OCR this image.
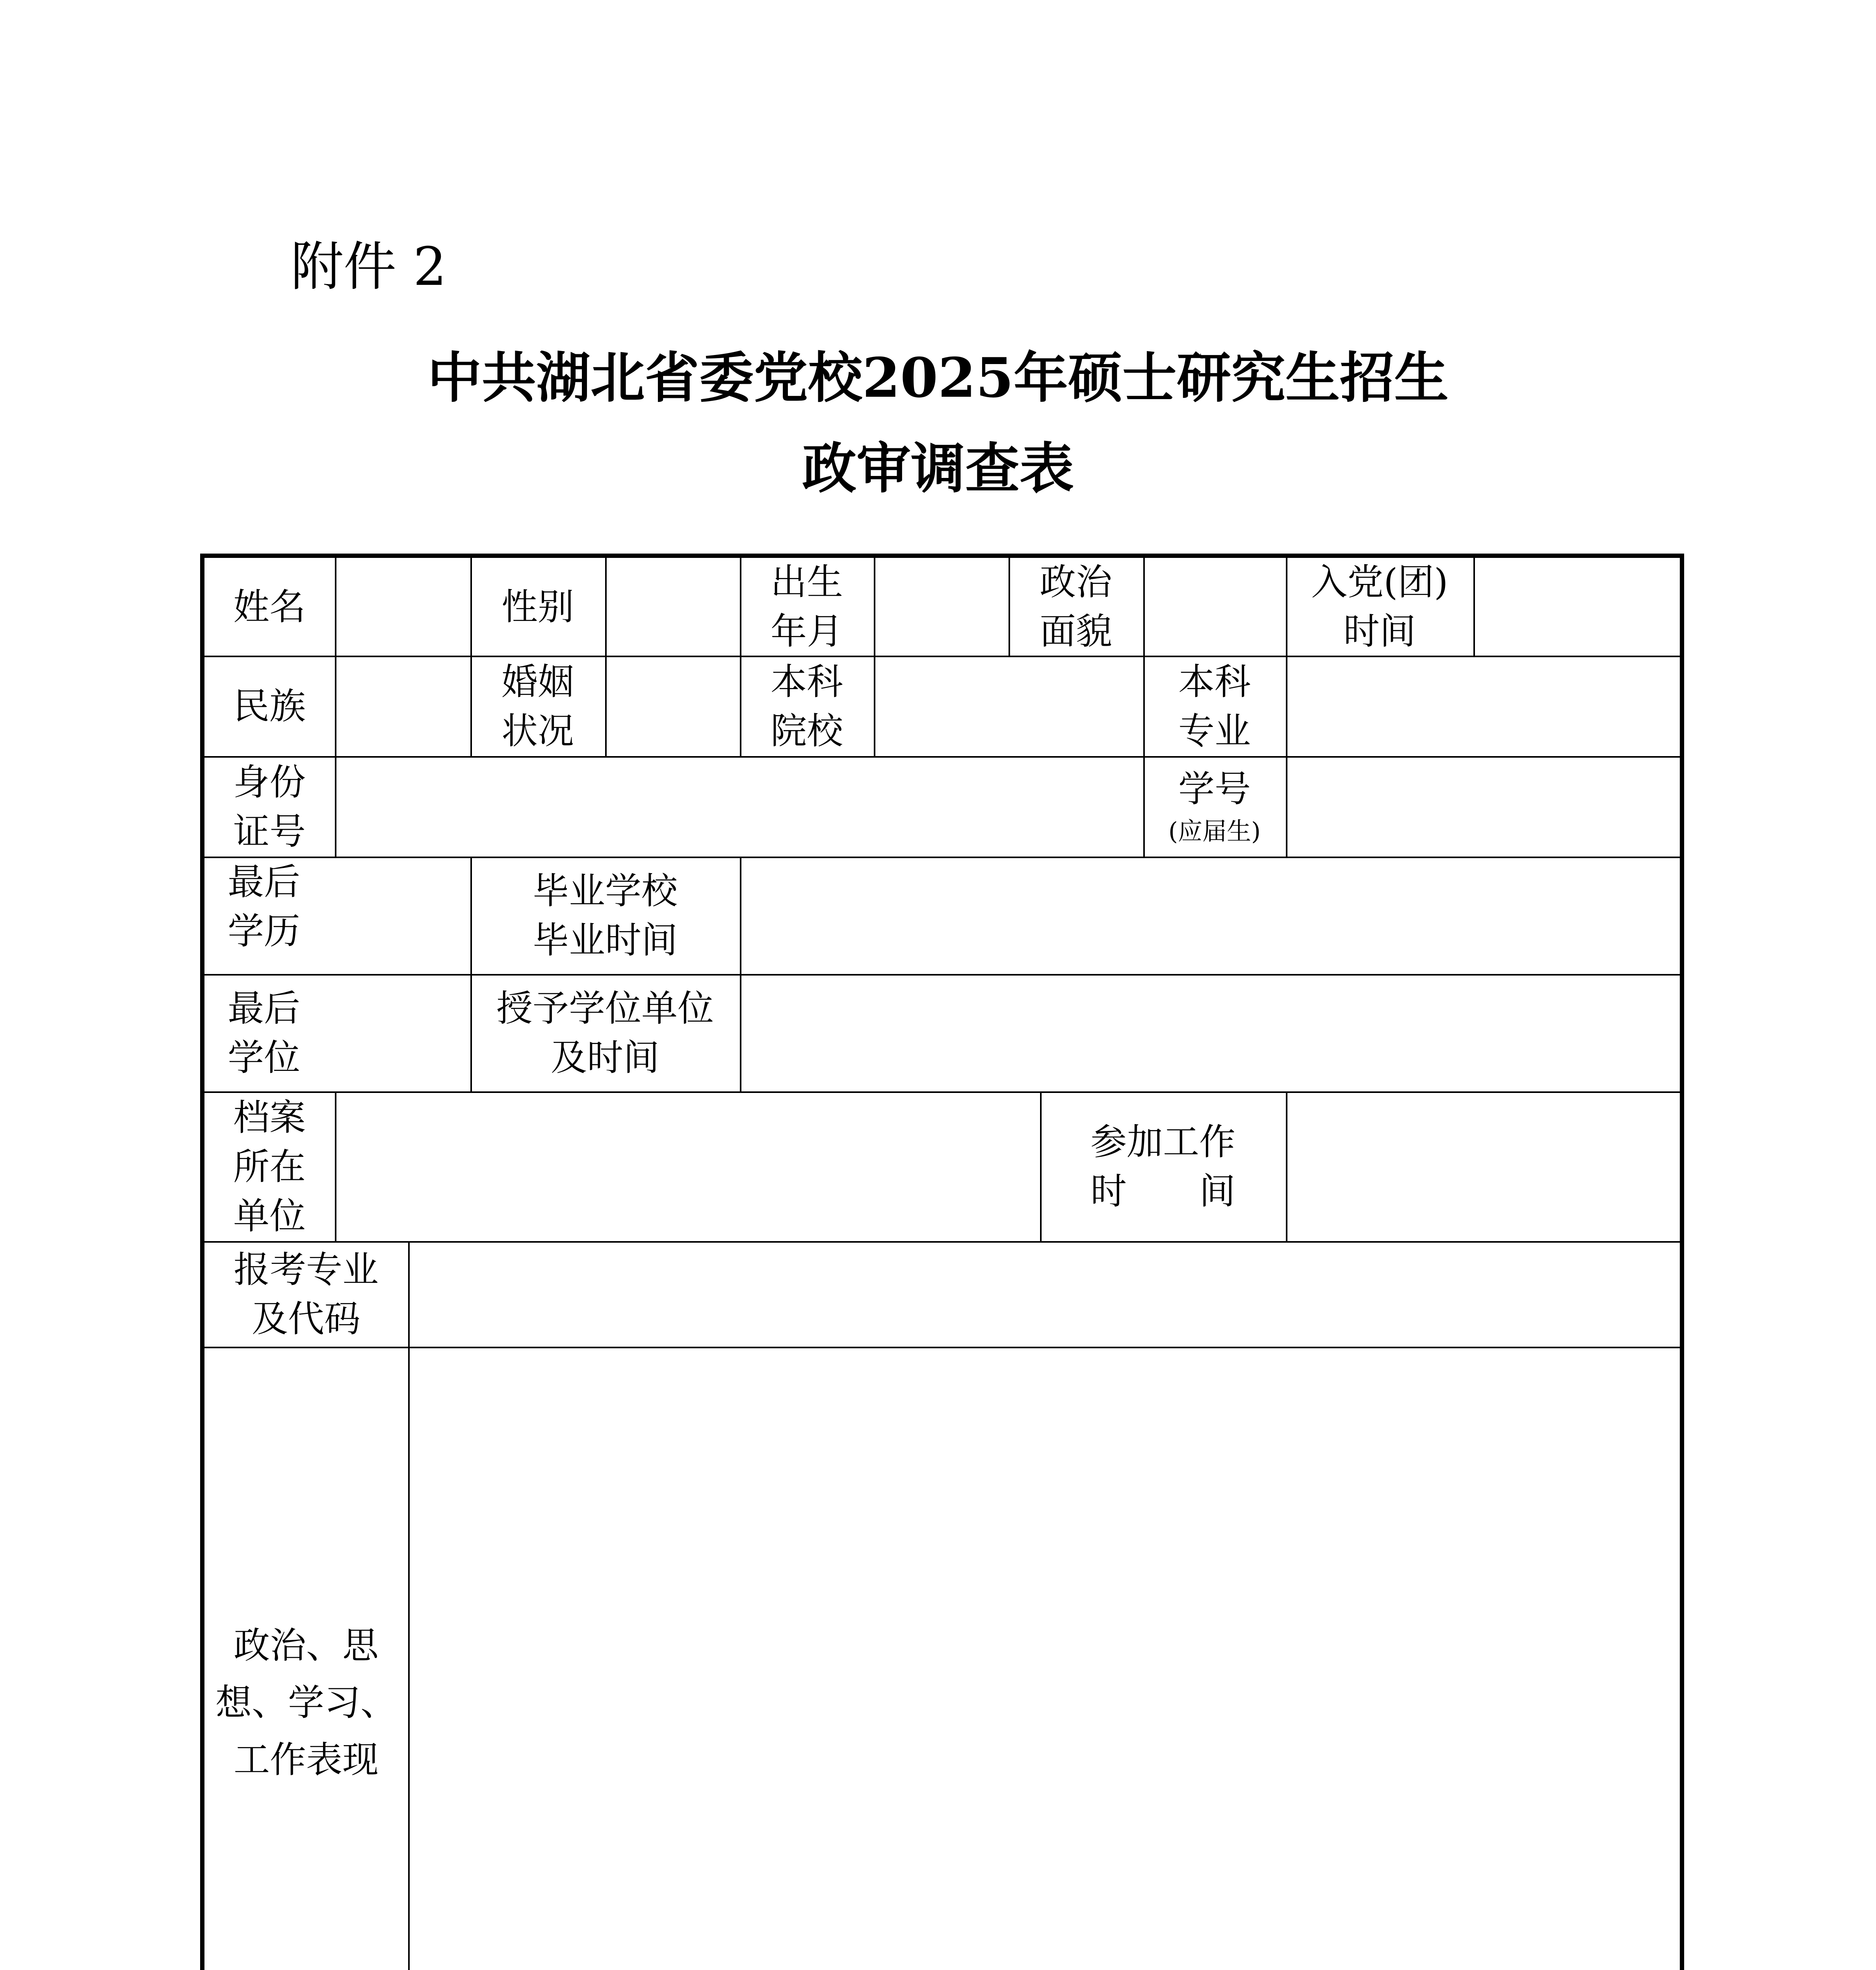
附件 2
中共湖北省委党校2025年硕士研究生招生
政审调查表
姓名	性别
出生
年月
政治
面貌
入党(团)
时间
民族
婚姻
状况
本科
院校
本科
专业
身份
证号
学号
(应届生)
最后
学历
毕业学校
毕业时间
最后
学位
授予学位单位
及时间
档案
所在
单位
参加工作
时　　间
报考专业
及代码
政治、思
想、学习、
工作表现
